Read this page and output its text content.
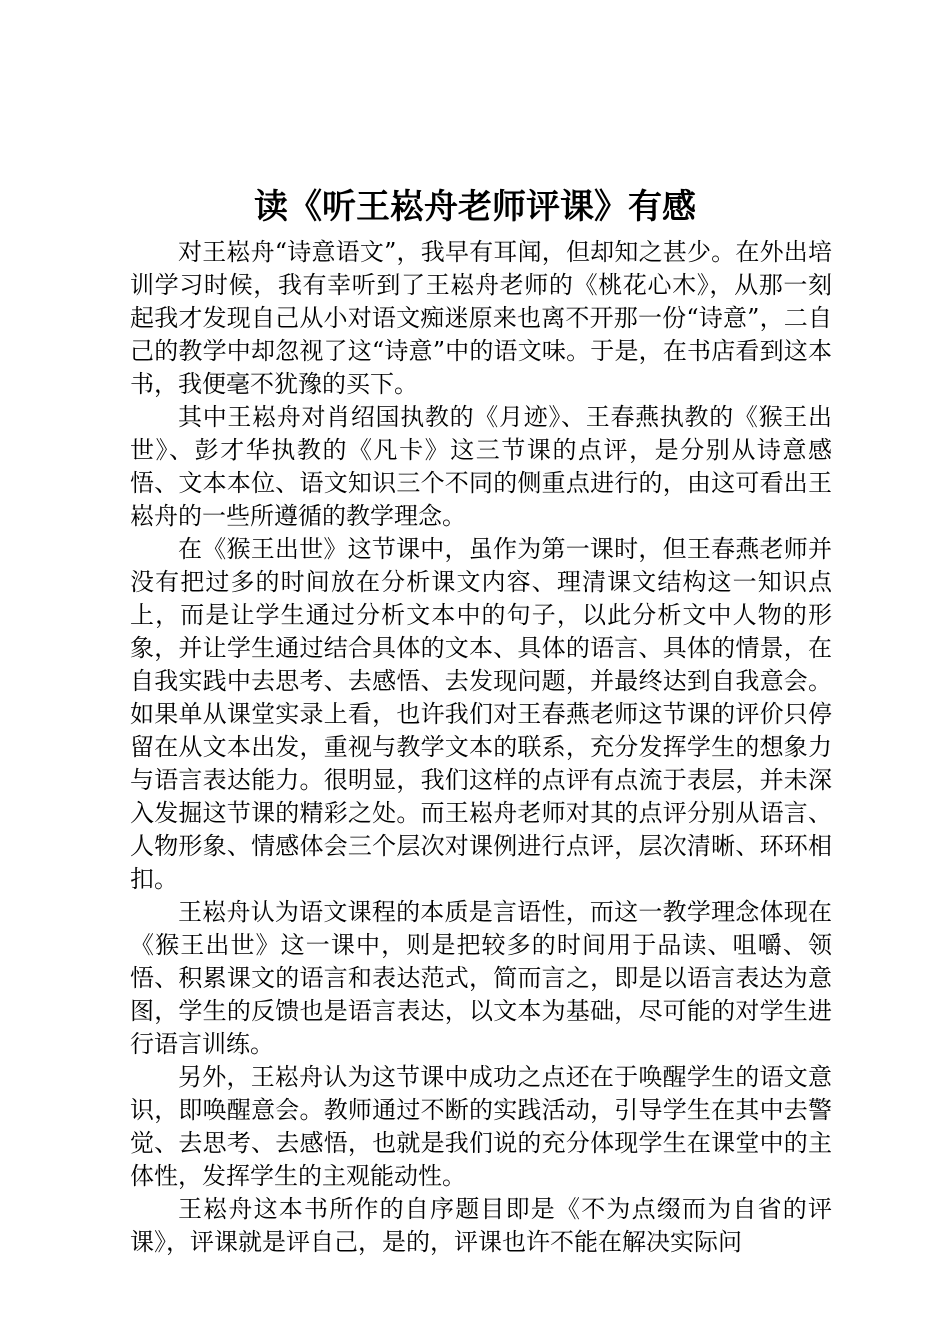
读《听王崧舟老师评课》有感

对王崧舟“诗意语文”，我早有耳闻，但却知之甚少。在外出培训学习时候，我有幸听到了王崧舟老师的《桃花心木》，从那一刻起我才发现自己从小对语文痴迷原来也离不开那一份“诗意”，二自己的教学中却忽视了这“诗意”中的语文味。于是，在书店看到这本书，我便毫不犹豫的买下。

其中王崧舟对肖绍国执教的《月迹》、王春燕执教的《猴王出世》、彭才华执教的《凡卡》这三节课的点评，是分别从诗意感悟、文本本位、语文知识三个不同的侧重点进行的，由这可看出王崧舟的一些所遵循的教学理念。

在《猴王出世》这节课中，虽作为第一课时，但王春燕老师并没有把过多的时间放在分析课文内容、理清课文结构这一知识点上，而是让学生通过分析文本中的句子，以此分析文中人物的形象，并让学生通过结合具体的文本、具体的语言、具体的情景，在自我实践中去思考、去感悟、去发现问题，并最终达到自我意会。如果单从课堂实录上看，也许我们对王春燕老师这节课的评价只停留在从文本出发，重视与教学文本的联系，充分发挥学生的想象力与语言表达能力。很明显，我们这样的点评有点流于表层，并未深入发掘这节课的精彩之处。而王崧舟老师对其的点评分别从语言、人物形象、情感体会三个层次对课例进行点评，层次清晰、环环相扣。

王崧舟认为语文课程的本质是言语性，而这一教学理念体现在《猴王出世》这一课中，则是把较多的时间用于品读、咀嚼、领悟、积累课文的语言和表达范式，简而言之，即是以语言表达为意图，学生的反馈也是语言表达，以文本为基础，尽可能的对学生进行语言训练。

另外，王崧舟认为这节课中成功之点还在于唤醒学生的语文意识，即唤醒意会。教师通过不断的实践活动，引导学生在其中去警觉、去思考、去感悟，也就是我们说的充分体现学生在课堂中的主体性，发挥学生的主观能动性。

王崧舟这本书所作的自序题目即是《不为点缀而为自省的评课》，评课就是评自己，是的，评课也许不能在解决实际问
